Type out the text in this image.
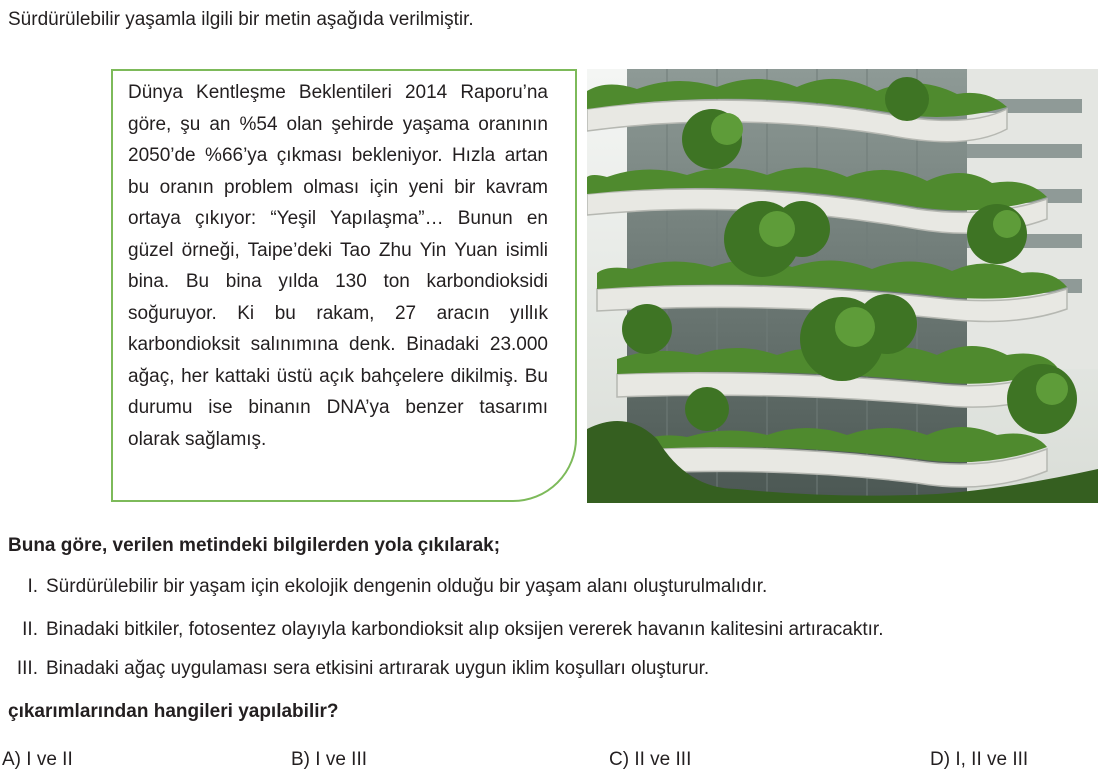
Sürdürülebilir yaşamla ilgili bir metin aşağıda verilmiştir.

Dünya Kentleşme Beklentileri 2014 Raporu’na göre, şu an %54 olan şehirde yaşama oranının 2050’de %66’ya çıkması bekleniyor. Hızla artan bu oranın problem olması için yeni bir kavram ortaya çıkıyor: “Yeşil Yapılaşma”… Bunun en güzel örneği, Taipe’deki Tao Zhu Yin Yuan isimli bina. Bu bina yılda 130 ton karbondioksidi soğuruyor. Ki bu rakam, 27 aracın yıllık karbondioksit salınımına denk. Binadaki 23.000 ağaç, her kattaki üstü açık bahçelere dikilmiş. Bu durumu ise binanın DNA’ya benzer tasarımı olarak sağlamış.

Buna göre, verilen metindeki bilgilerden yola çıkılarak;
I. Sürdürülebilir bir yaşam için ekolojik dengenin olduğu bir yaşam alanı oluşturulmalıdır.
II. Binadaki bitkiler, fotosentez olayıyla karbondioksit alıp oksijen vererek havanın kalitesini artıracaktır.
III. Binadaki ağaç uygulaması sera etkisini artırarak uygun iklim koşulları oluşturur.
çıkarımlarından hangileri yapılabilir?
A) I ve II	B) I ve III	C) II ve III	D) I, II ve III
